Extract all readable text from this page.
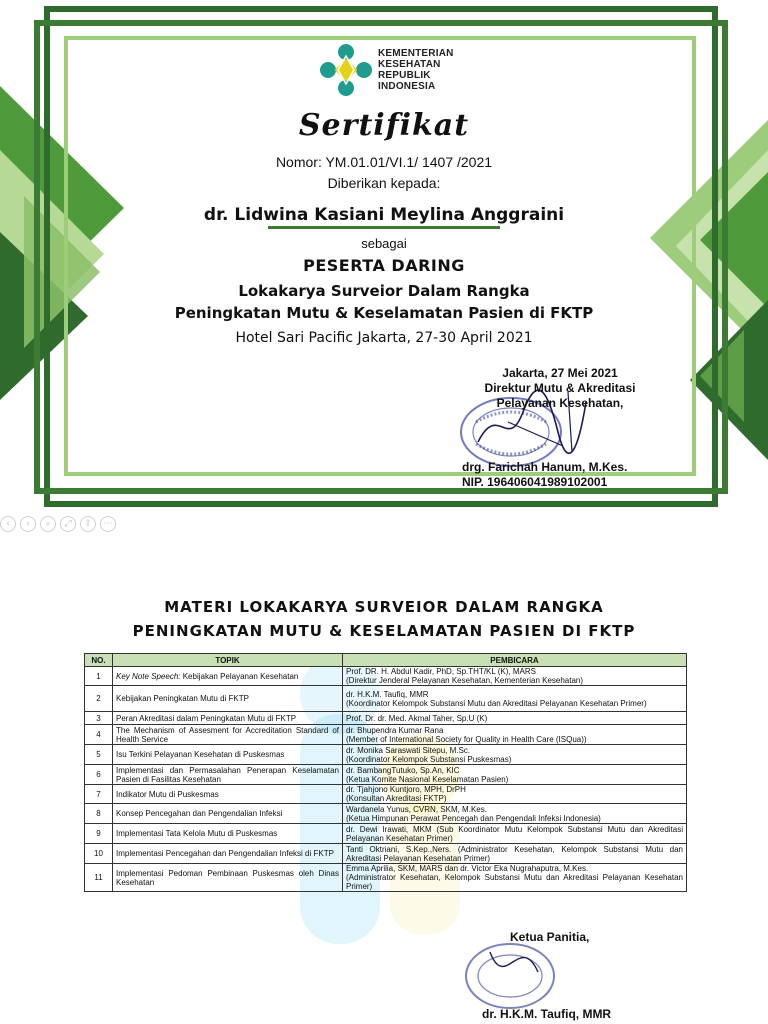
KEMENTERIAN
KESEHATAN
REPUBLIK
INDONESIA
Sertifikat
Nomor: YM.01.01/VI.1/ 1407 /2021
Diberikan kepada:
dr. Lidwina Kasiani Meylina Anggraini
sebagai
PESERTA DARING
Lokakarya Surveior Dalam Rangka
Peningkatan Mutu & Keselamatan Pasien di FKTP
Hotel Sari Pacific Jakarta, 27-30 April 2021
Jakarta, 27 Mei 2021
Direktur Mutu & Akreditasi
Pelayanan Kesehatan,
drg. Farichah Hanum, M.Kes.
NIP. 196406041989102001
‹	›	⌕	⤢	⇪	⋯
MATERI LOKAKARYA SURVEIOR DALAM RANGKA
PENINGKATAN MUTU & KESELAMATAN PASIEN DI FKTP
NO.	TOPIK	PEMBICARA
1	Key Note Speech: Kebijakan Pelayanan Kesehatan	Prof. DR. H. Abdul Kadir, PhD, Sp.THT/KL (K), MARS
(Direktur Jenderal Pelayanan Kesehatan, Kementerian Kesehatan)

2	Kebijakan Peningkatan Mutu di FKTP	dr. H.K.M. Taufiq, MMR
(Koordinator Kelompok Substansi Mutu dan Akreditasi Pelayanan Kesehatan Primer)

3	Peran Akreditasi dalam Peningkatan Mutu di FKTP	Prof. Dr. dr. Med. Akmal Taher, Sp.U (K)

4	The Mechanism of Assesment for Accreditation Standard of Health Service	dr. Bhupendra Kumar Rana
(Member of International Society for Quality in Health Care (ISQua))

5	Isu Terkini Pelayanan Kesehatan di Puskesmas	dr. Monika Saraswati Sitepu, M.Sc.
(Koordinator Kelompok Substansi Puskesmas)

6	Implementasi dan Permasalahan Penerapan Keselamatan Pasien di Fasilitas Kesehatan	dr. BambangTutuko, Sp.An, KIC
(Ketua Komite Nasional Keselamatan Pasien)

7	Indikator Mutu di Puskesmas	dr. Tjahjono Kuntjoro, MPH, DrPH
(Konsultan Akreditasi FKTP)

8	Konsep Pencegahan dan Pengendalian Infeksi	Wardanela Yunus, CVRN, SKM, M.Kes.
(Ketua Himpunan Perawat Pencegah dan Pengendali Infeksi Indonesia)

9	Implementasi Tata Kelola Mutu di Puskesmas	dr. Dewi Irawati, MKM (Sub Koordinator Mutu Kelompok Substansi Mutu dan Akreditasi Pelayanan Kesehatan Primer)

10	Implementasi Pencegahan dan Pengendalian Infeksi di FKTP	Tanti Oktriani, S.Kep.,Ners. (Administrator Kesehatan, Kelompok Substansi Mutu dan Akreditasi Pelayanan Kesehatan Primer)

11	Implementasi Pedoman Pembinaan Puskesmas oleh Dinas Kesehatan	Emma Aprilia, SKM, MARS dan dr. Victor Eka Nugrahaputra, M.Kes.
(Administrator Kesehatan, Kelompok Substansi Mutu dan Akreditasi Pelayanan Kesehatan Primer)
Ketua Panitia,
dr. H.K.M. Taufiq, MMR
